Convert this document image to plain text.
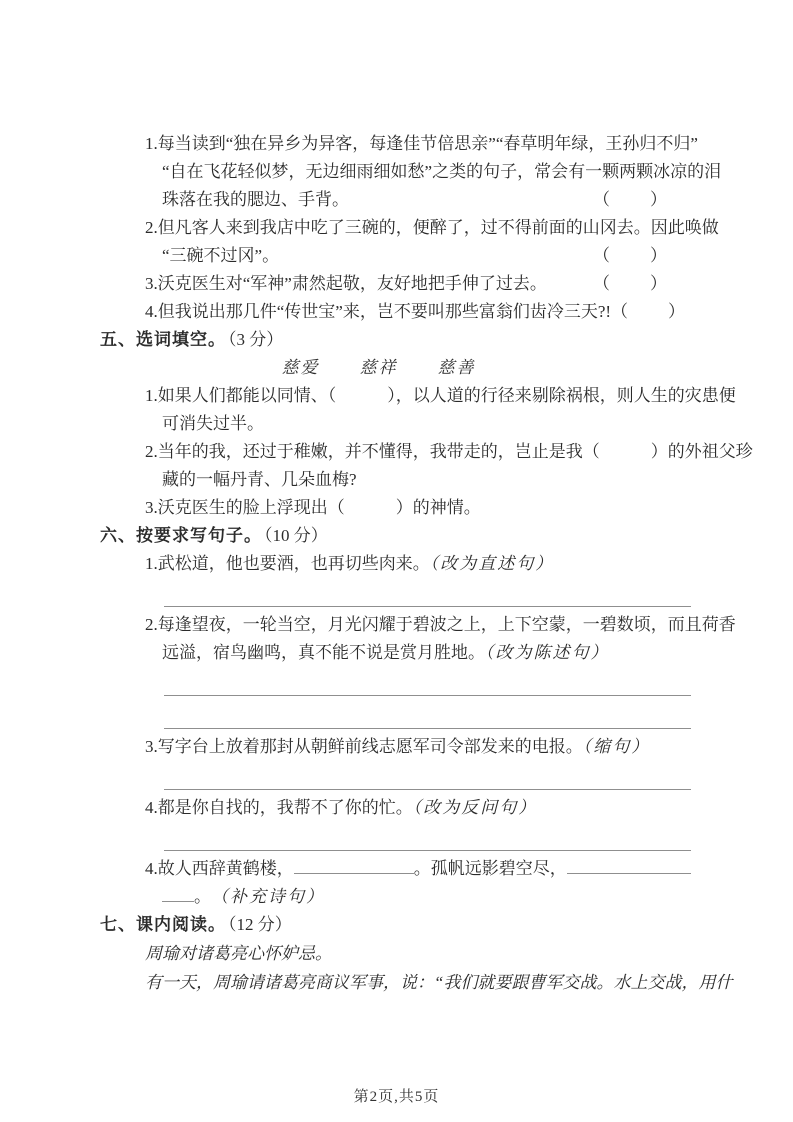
1.每当读到“独在异乡为异客，每逢佳节倍思亲”“春草明年绿，王孙归不归”
“自在飞花轻似梦，无边细雨细如愁”之类的句子，常会有一颗两颗冰凉的泪
珠落在我的腮边、手背。	（　　）
2.但凡客人来到我店中吃了三碗的，便醉了，过不得前面的山冈去。因此唤做
“三碗不过冈”。	（　　）
3.沃克医生对“军神”肃然起敬，友好地把手伸了过去。	（　　）
4.但我说出那几件“传世宝”来，岂不要叫那些富翁们齿冷三天?! （　　）
五、选词填空。 （3 分）
慈爱 慈祥 慈善
1.如果人们都能以同情、（　　　），以人道的行径来剔除祸根，则人生的灾患便
可消失过半。
2.当年的我，还过于稚嫩，并不懂得，我带走的，岂止是我（　　　）的外祖父珍
藏的一幅丹青、几朵血梅?
3.沃克医生的脸上浮现出（　　　）的神情。
六、按要求写句子。 （10 分）
1.武松道，他也要酒，也再切些肉来。（改为直述句）
2.每逢望夜，一轮当空，月光闪耀于碧波之上，上下空蒙，一碧数顷，而且荷香
远溢，宿鸟幽鸣，真不能不说是赏月胜地。（改为陈述句）
3.写字台上放着那封从朝鲜前线志愿军司令部发来的电报。（缩句）
4.都是你自找的，我帮不了你的忙。（改为反问句）
4. 故人西辞黄鹤楼，	。孤帆远影碧空尽，
。 （补充诗句）
七、课内阅读。 （12 分）
周瑜对诸葛亮心怀妒忌。
有一天，周瑜请诸葛亮商议军事，说：“我们就要跟曹军交战。水上交战，用什
第2页,共5页
